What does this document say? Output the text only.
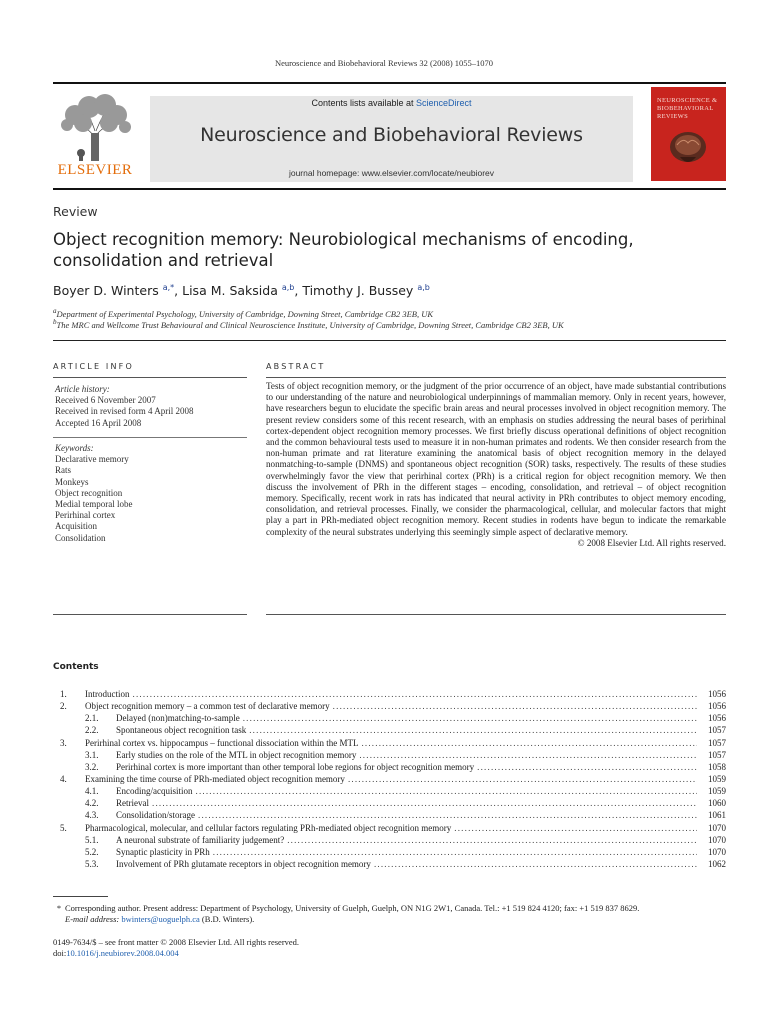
Neuroscience and Biobehavioral Reviews 32 (2008) 1055–1070
ELSEVIER
Contents lists available at ScienceDirect
Neuroscience and Biobehavioral Reviews
journal homepage: www.elsevier.com/locate/neubiorev
NEUROSCIENCE & BIOBEHAVIORAL REVIEWS
Review
Object recognition memory: Neurobiological mechanisms of encoding, consolidation and retrieval
Boyer D. Winters $^{a,*}$, Lisa M. Saksida $^{a,b}$, Timothy J. Bussey $^{a,b}$
$^a$Department of Experimental Psychology, University of Cambridge, Downing Street, Cambridge CB2 3EB, UK
$^b$The MRC and Wellcome Trust Behavioural and Clinical Neuroscience Institute, University of Cambridge, Downing Street, Cambridge CB2 3EB, UK
ARTICLE INFO	ABSTRACT
Article history:
Received 6 November 2007
Received in revised form 4 April 2008
Accepted 16 April 2008
Keywords:
Declarative memory
Rats
Monkeys
Object recognition
Medial temporal lobe
Perirhinal cortex
Acquisition
Consolidation
Tests of object recognition memory, or the judgment of the prior occurrence of an object, have made substantial contributions to our understanding of the nature and neurobiological underpinnings of mammalian memory. Only in recent years, however, have researchers begun to elucidate the specific brain areas and neural processes involved in object recognition memory. The present review considers some of this recent research, with an emphasis on studies addressing the neural bases of perirhinal cortex-dependent object recognition memory processes. We first briefly discuss operational definitions of object recognition and the common behavioural tests used to measure it in non-human primates and rodents. We then consider research from the non-human primate and rat literature examining the anatomical basis of object recognition memory in the delayed nonmatching-to-sample (DNMS) and spontaneous object recognition (SOR) tasks, respectively. The results of these studies overwhelmingly favor the view that perirhinal cortex (PRh) is a critical region for object recognition memory. We then discuss the involvement of PRh in the different stages – encoding, consolidation, and retrieval – of object recognition memory. Specifically, recent work in rats has indicated that neural activity in PRh contributes to object memory encoding, consolidation, and retrieval processes. Finally, we consider the pharmacological, cellular, and molecular factors that might play a part in PRh-mediated object recognition memory. Recent studies in rodents have begun to indicate the remarkable complexity of the neural substrates underlying this seemingly simple aspect of declarative memory.
© 2008 Elsevier Ltd. All rights reserved.
Contents
1.	Introduction .....	1056
2.	Object recognition memory – a common test of declarative memory .....	1056
2.1.	Delayed (non)matching-to-sample .....	1056
2.2.	Spontaneous object recognition task .....	1057
3.	Perirhinal cortex vs. hippocampus – functional dissociation within the MTL .....	1057
3.1.	Early studies on the role of the MTL in object recognition memory .....	1057
3.2.	Perirhinal cortex is more important than other temporal lobe regions for object recognition memory .....	1058
4.	Examining the time course of PRh-mediated object recognition memory .....	1059
4.1.	Encoding/acquisition .....	1059
4.2.	Retrieval .....	1060
4.3.	Consolidation/storage .....	1061
5.	Pharmacological, molecular, and cellular factors regulating PRh-mediated object recognition memory .....	1070
5.1.	A neuronal substrate of familiarity judgement? .....	1070
5.2.	Synaptic plasticity in PRh .....	1070
5.3.	Involvement of PRh glutamate receptors in object recognition memory .....	1062
* Corresponding author. Present address: Department of Psychology, University of Guelph, Guelph, ON N1G 2W1, Canada. Tel.: +1 519 824 4120; fax: +1 519 837 8629.
E-mail address: bwinters@uoguelph.ca (B.D. Winters).
0149-7634/$ – see front matter © 2008 Elsevier Ltd. All rights reserved.
doi:10.1016/j.neubiorev.2008.04.004
